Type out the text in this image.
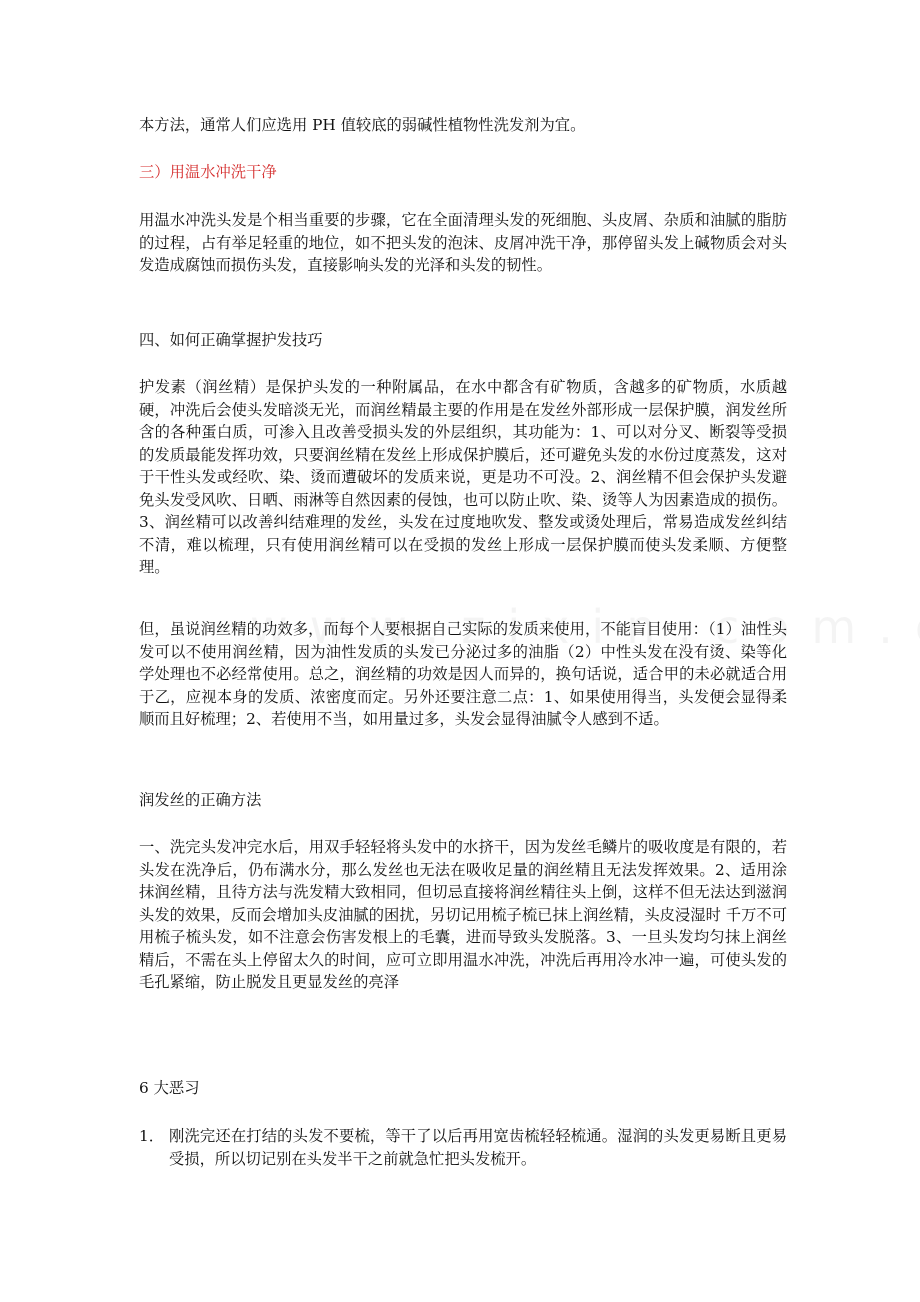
本方法，通常人们应选用 PH 值较底的弱碱性植物性洗发剂为宜。

三）用温水冲洗干净

用温水冲洗头发是个相当重要的步骤，它在全面清理头发的死细胞、头皮屑、杂质和油腻的脂肪的过程，占有举足轻重的地位，如不把头发的泡沫、皮屑冲洗干净，那停留头发上碱物质会对头发造成腐蚀而损伤头发，直接影响头发的光泽和头发的韧性。

四、如何正确掌握护发技巧

护发素（润丝精）是保护头发的一种附属品，在水中都含有矿物质，含越多的矿物质，水质越硬，冲洗后会使头发暗淡无光，而润丝精最主要的作用是在发丝外部形成一层保护膜，润发丝所含的各种蛋白质，可渗入且改善受损头发的外层组织，其功能为：1、可以对分叉、断裂等受损的发质最能发挥功效，只要润丝精在发丝上形成保护膜后，还可避免头发的水份过度蒸发，这对于干性头发或经吹、染、烫而遭破坏的发质来说，更是功不可没。2、润丝精不但会保护头发避免头发受风吹、日晒、雨淋等自然因素的侵蚀，也可以防止吹、染、烫等人为因素造成的损伤。3、润丝精可以改善纠结难理的发丝，头发在过度地吹发、整发或烫处理后，常易造成发丝纠结不清，难以梳理，只有使用润丝精可以在受损的发丝上形成一层保护膜而使头发柔顺、方便整理。

但，虽说润丝精的功效多，而每个人要根据自己实际的发质来使用，不能盲目使用：（1）油性头发可以不使用润丝精，因为油性发质的头发已分泌过多的油脂（2）中性头发在没有烫、染等化学处理也不必经常使用。总之，润丝精的功效是因人而异的，换句话说，适合甲的未必就适合用于乙，应视本身的发质、浓密度而定。另外还要注意二点：1、如果使用得当，头发便会显得柔顺而且好梳理；2、若使用不当，如用量过多，头发会显得油腻令人感到不适。

润发丝的正确方法

一、洗完头发冲完水后，用双手轻轻将头发中的水挤干，因为发丝毛鳞片的吸收度是有限的，若头发在洗净后，仍布满水分，那么发丝也无法在吸收足量的润丝精且无法发挥效果。2、适用涂抹润丝精，且待方法与洗发精大致相同，但切忌直接将润丝精往头上倒，这样不但无法达到滋润头发的效果，反而会增加头皮油腻的困扰，另切记用梳子梳已抹上润丝精，头皮浸湿时 千万不可用梳子梳头发，如不注意会伤害发根上的毛囊，进而导致头发脱落。3、一旦头发均匀抹上润丝精后，不需在头上停留太久的时间，应可立即用温水冲洗，冲洗后再用冷水冲一遍，可使头发的毛孔紧缩，防止脱发且更显发丝的亮泽

6 大恶习

1． 刚洗完还在打结的头发不要梳，等干了以后再用宽齿梳轻轻梳通。湿润的头发更易断且更易受损，所以切记别在头发半干之前就急忙把头发梳开。
